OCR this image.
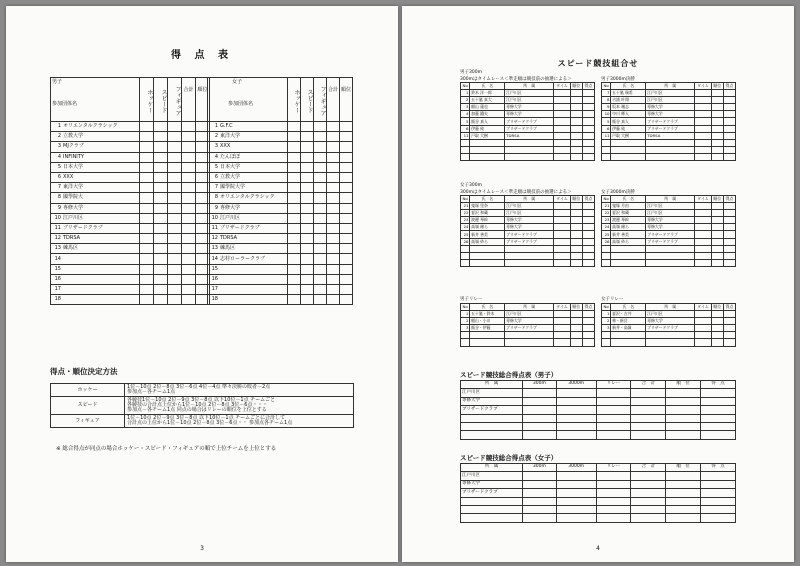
得 点 表
男子	ホッケー	スピード	フィギュア	合計	順位
参加団体名					
1 オリエンタルクラシック					
2 立教大学					
3 MJクラブ					
4 INFINITY					
5 日本大学					
6 XXX					
7 東洋大学					
8 國學院大					
9 専修大学					
10 江戸川区					
11 ブリザードクラブ					
12 TDRSA					
13 練馬区					
14					
15					
16					
17					
18					
女子	ホッケー	スピード	フィギュア	合計	順位
参加団体名					
1 G.F.C					
2 東洋大学					
3 XXX					
4 たんぽぽ					
5 日本大学					
6 立教大学					
7 國學院大学					
8 オリエンタルクラシック					
9 専修大学					
10 江戸川区					
11 ブリザードクラブ					
12 TDRSA					
13 練馬区					
14 志村ローラークラブ					
15					
16					
17					
18					
得点・順位決定方法
ホッケー	1位－10点 2位－8点 3位－6点 4位－4点 準々決勝の敗者－2点
参加点－各チーム1点

スピード	各競技1位－10点 2位－9点 3位－8点 以下10位－1点 チームごと
各競技の合計点上位から1位－10点 2位－8点 3位－6点・・・
参加点－各チーム1点 同点の場合はリレーの順位を上位とする

フィギュア	1位－10点 2位－9点 3位－8点 以下10位－1点 チームごとに合計して
合計点の上位から1位－10点 2位－8点 3位－6点・・ 参加点各チーム1点
※ 総合得点が同点の場合ホッケー・スピード・フィギュアの順で上位チームを上位とする
3
スピード競技組合せ
男子300m
300mはタイムレース＜準走順は競技前の抽選による＞
No	氏　名	所　属	タイム	順位	得点
1	鈴木 洋一郎	江戸川区			
2	五十嵐 真大	江戸川区			
3	稲山 蓮也	専修大学			
4	加藤 鐵夫	専修大学			
5	飯谷 真人	ブリザードクラブ			
6	伊藤 純	ブリザードクラブ			
11	戸取 大樹	TDRSA			

男子3000m決勝
No	氏　名	所　属	タイム	順位	得点
7	五十嵐 瑞希	江戸川区			
8	吉浦 叶翔	江戸川区			
9	坂本 颯志	専修大学			
10	中川 輝人	専修大学			
5	飯谷 真人	ブリザードクラブ			
6	伊藤 純	ブリザードクラブ			
11	戸取 大樹	TDRSA			

女子300m
300mはタイムレース＜準走順は競技前の抽選による＞
No	氏　名	所　属	タイム	順位	得点
21	鬼塚 里奈	江戸川区			
22	夏沢 和蔵	江戸川区			
23	波邊 琴絵	専修大学			
24	高嶺 緒ら	専修大学			
25	新井 善美	ブリザードクラブ			
26	高嶺 紗ら	ブリザードクラブ			

女子3000m決勝
No	氏　名	所　属	タイム	順位	得点
21	鬼塚 月由	江戸川区			
22	夏沢 和蔵	江戸川区			
23	渡邊 琴絵	専修大学			
24	高嶺 緒ら	専修大学			
25	新井 善美	ブリザードクラブ			
26	高嶺 紗ら	ブリザードクラブ			

男子リレー
No	氏　名	所　属	タイム	順位	得点
1	五十嵐・鈴木	江戸川区			
2	稲山・小川	専修大学			
3	飯谷・伊藤	ブリザードクラブ			

女子リレー
No	氏　名	所　属	タイム	順位	得点
1	夏沢・吉井	江戸川区			
2	林・新貝	専修大学			
3	新井・高嶺	ブリザードクラブ			

スピード競技総合得点表（男子）
所　属	300m	3000m	リレー	合　計	順　位	得　点
江戸川区						
専修大学						
ブリザードクラブ						

スピード競技総合得点表（女子）
所　属	300m	3000m	リレー	合　計	順　位	得　点
江戸川区						
専修大学						
ブリザードクラブ						

4
